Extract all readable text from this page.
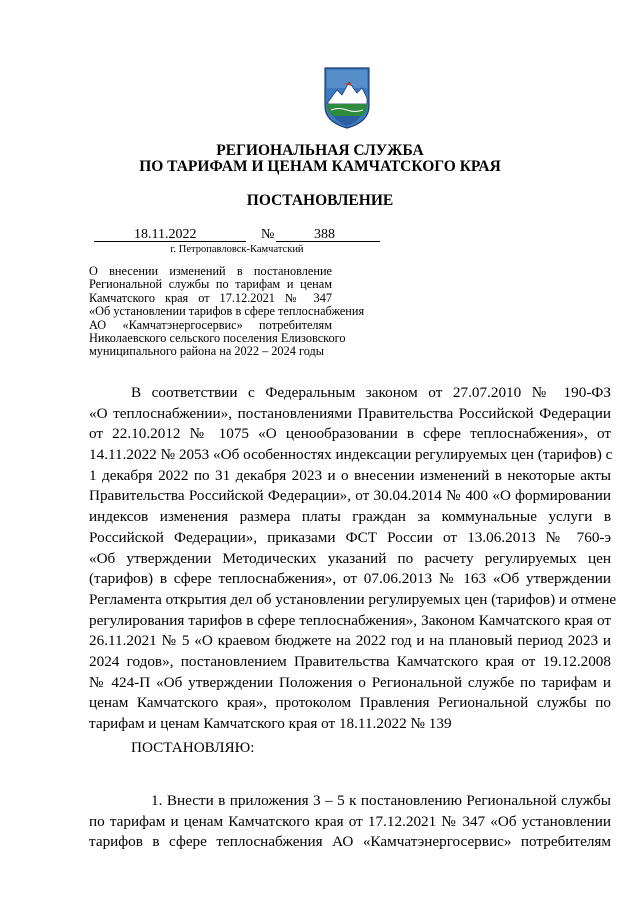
РЕГИОНАЛЬНАЯ СЛУЖБА
ПО ТАРИФАМ И ЦЕНАМ КАМЧАТСКОГО КРАЯ
ПОСТАНОВЛЕНИЕ
18.11.2022	№	388
г. Петропавловск-Камчатский
О внесении изменений в постановление
Региональной службы по тарифам и ценам
Камчатского края от 17.12.2021 № 347
«Об установлении тарифов в сфере теплоснабжения
АО «Камчатэнергосервис» потребителям
Николаевского сельского поселения Елизовского
муниципального района на 2022 – 2024 годы
В соответствии с Федеральным законом от 27.07.2010 № 190-ФЗ
«О теплоснабжении», постановлениями Правительства Российской Федерации
от 22.10.2012 № 1075 «О ценообразовании в сфере теплоснабжения», от
14.11.2022 № 2053 «Об особенностях индексации регулируемых цен (тарифов) с
1 декабря 2022 по 31 декабря 2023 и о внесении изменений в некоторые акты
Правительства Российской Федерации», от 30.04.2014 № 400 «О формировании
индексов изменения размера платы граждан за коммунальные услуги в
Российской Федерации», приказами ФСТ России от 13.06.2013 № 760-э
«Об утверждении Методических указаний по расчету регулируемых цен
(тарифов) в сфере теплоснабжения», от 07.06.2013 № 163 «Об утверждении
Регламента открытия дел об установлении регулируемых цен (тарифов) и отмене
регулирования тарифов в сфере теплоснабжения», Законом Камчатского края от
26.11.2021 № 5 «О краевом бюджете на 2022 год и на плановый период 2023 и
2024 годов», постановлением Правительства Камчатского края от 19.12.2008
№ 424-П «Об утверждении Положения о Региональной службе по тарифам и
ценам Камчатского края», протоколом Правления Региональной службы по
тарифам и ценам Камчатского края от 18.11.2022 № 139
ПОСТАНОВЛЯЮ:
1. Внести в приложения 3 – 5 к постановлению Региональной службы
по тарифам и ценам Камчатского края от 17.12.2021 № 347 «Об установлении
тарифов в сфере теплоснабжения АО «Камчатэнергосервис» потребителям
